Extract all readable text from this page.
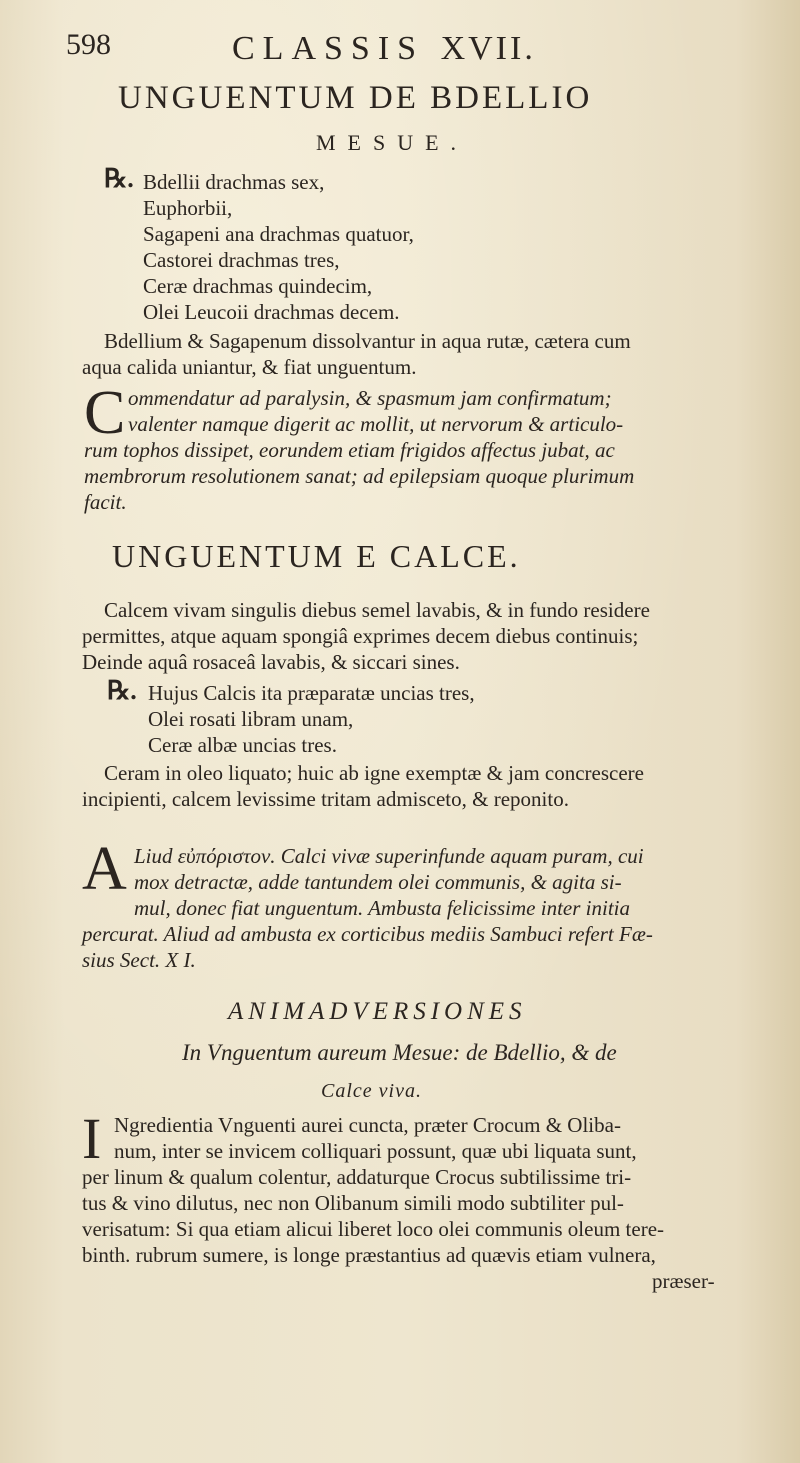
598	CLASSIS XVII.
UNGUENTUM DE BDELLIO
MESUE.
℞. Bdellii drachmas sex,
Euphorbii,
Sagapeni ana drachmas quatuor,
Castorei drachmas tres,
Ceræ drachmas quindecim,
Olei Leucoii drachmas decem.
Bdellium & Sagapenum dissolvantur in aqua rutæ, cætera cum
aqua calida uniantur, & fiat unguentum.
C ommendatur ad paralysin, & spasmum jam confirmatum;
valenter namque digerit ac mollit, ut nervorum & articulo-
rum tophos dissipet, eorundem etiam frigidos affectus jubat, ac
membrorum resolutionem sanat; ad epilepsiam quoque plurimum
facit.
UNGUENTUM E CALCE.
Calcem vivam singulis diebus semel lavabis, & in fundo residere
permittes, atque aquam spongiâ exprimes decem diebus continuis;
Deinde aquâ rosaceâ lavabis, & siccari sines.
℞. Hujus Calcis ita præparatæ uncias tres,
Olei rosati libram unam,
Ceræ albæ uncias tres.
Ceram in oleo liquato; huic ab igne exemptæ & jam concrescere
incipienti, calcem levissime tritam admisceto, & reponito.
A Liud εὐπόριστον. Calci vivæ superinfunde aquam puram, cui
mox detractæ, adde tantundem olei communis, & agita si-
mul, donec fiat unguentum. Ambusta felicissime inter initia
percurat. Aliud ad ambusta ex corticibus mediis Sambuci refert Fæ-
sius Sect. X I.
ANIMADVERSIONES
In Vnguentum aureum Mesue: de Bdellio, & de
Calce viva.
I Ngredientia Vnguenti aurei cuncta, præter Crocum & Oliba-
num, inter se invicem colliquari possunt, quæ ubi liquata sunt,
per linum & qualum colentur, addaturque Crocus subtilissime tri-
tus & vino dilutus, nec non Olibanum simili modo subtiliter pul-
verisatum: Si qua etiam alicui liberet loco olei communis oleum tere-
binth. rubrum sumere, is longe præstantius ad quævis etiam vulnera,
præser-
